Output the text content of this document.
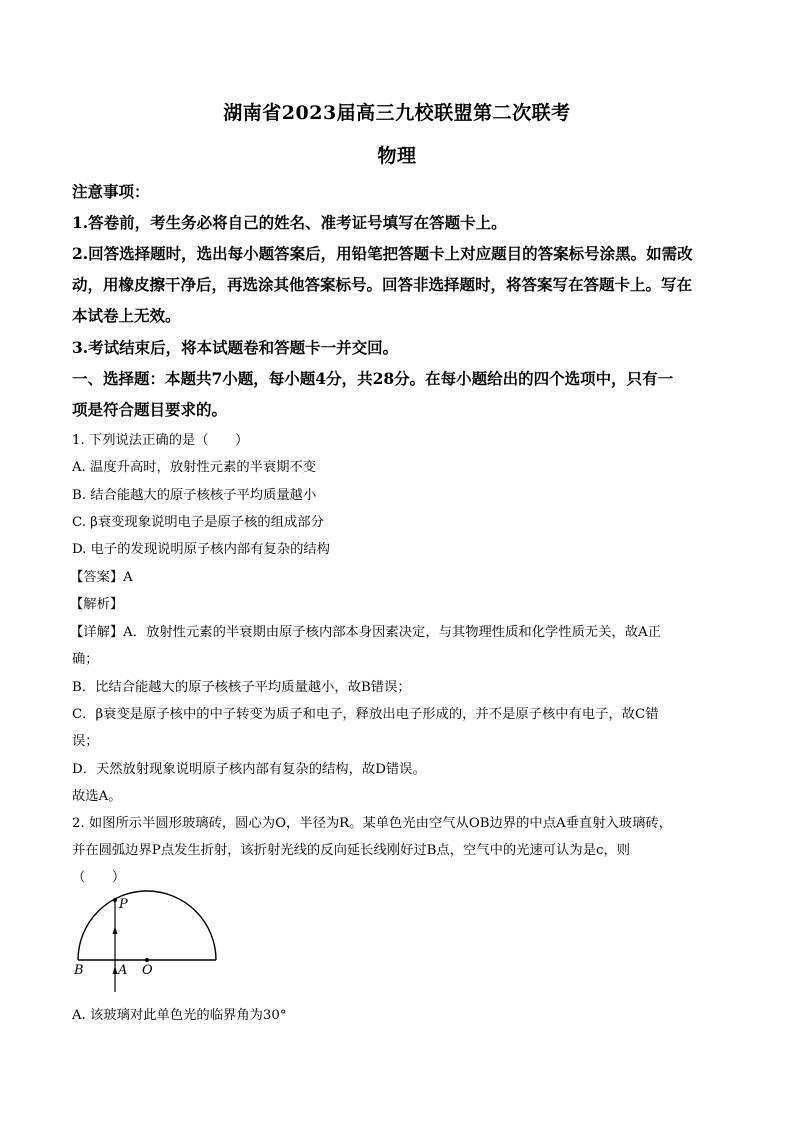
湖南省2023届高三九校联盟第二次联考
物理
注意事项：
1.答卷前，考生务必将自己的姓名、准考证号填写在答题卡上。
2.回答选择题时，选出每小题答案后，用铅笔把答题卡上对应题目的答案标号涂黑。如需改
动，用橡皮擦干净后，再选涂其他答案标号。回答非选择题时，将答案写在答题卡上。写在
本试卷上无效。
3.考试结束后，将本试题卷和答题卡一并交回。
一、选择题：本题共7小题，每小题4分，共28分。在每小题给出的四个选项中，只有一
项是符合题目要求的。
1. 下列说法正确的是（　　）
A. 温度升高时，放射性元素的半衰期不变
B. 结合能越大的原子核核子平均质量越小
C. β衰变现象说明电子是原子核的组成部分
D. 电子的发现说明原子核内部有复杂的结构
【答案】A
【解析】
【详解】A．放射性元素的半衰期由原子核内部本身因素决定，与其物理性质和化学性质无关，故A正
确；
B．比结合能越大的原子核核子平均质量越小，故B错误；
C．β衰变是原子核中的中子转变为质子和电子，释放出电子形成的，并不是原子核中有电子，故C错
误；
D．天然放射现象说明原子核内部有复杂的结构，故D错误。
故选A。
2. 如图所示半圆形玻璃砖，圆心为O，半径为R。某单色光由空气从OB边界的中点A垂直射入玻璃砖，
并在圆弧边界P点发生折射，该折射光线的反向延长线刚好过B点，空气中的光速可认为是c，则
（　　）
P
B	A O
A. 该玻璃对此单色光的临界角为30°
